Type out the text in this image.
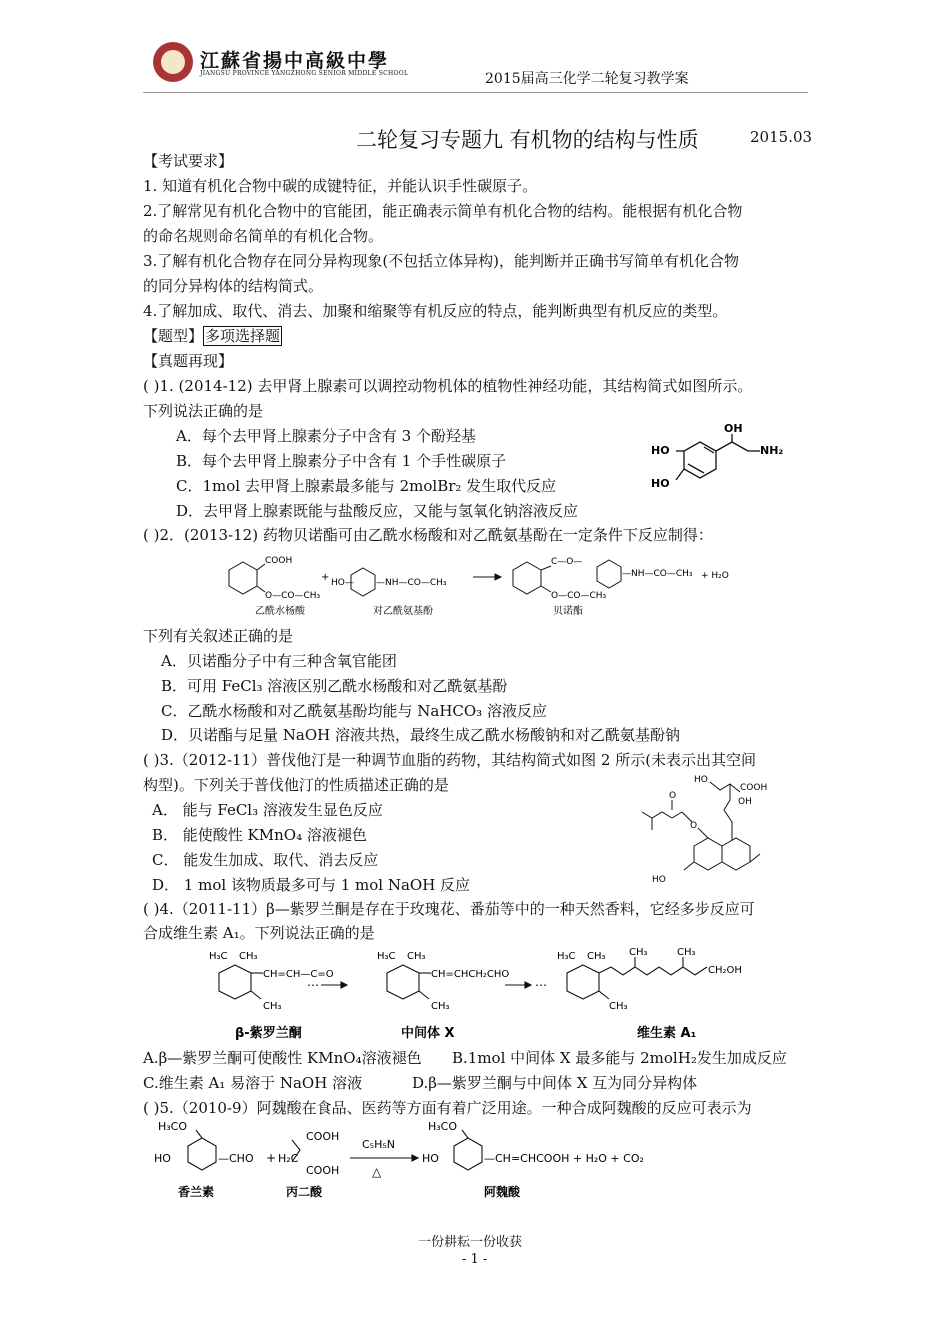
江蘇省揚中高級中學
JIANGSU PROVINCE YANGZHONG SENIOR MIDDLE SCHOOL	2015届高三化学二轮复习教学案
二轮复习专题九 有机物的结构与性质	2015.03
【考试要求】
1. 知道有机化合物中碳的成键特征，并能认识手性碳原子。
2.了解常见有机化合物中的官能团，能正确表示简单有机化合物的结构。能根据有机化合物
的命名规则命名简单的有机化合物。
3.了解有机化合物存在同分异构现象(不包括立体异构)，能判断并正确书写简单有机化合物
的同分异构体的结构简式。
4.了解加成、取代、消去、加聚和缩聚等有机反应的特点，能判断典型有机反应的类型。
【题型】 多项选择题
【真题再现】
( )1. (2014-12) 去甲肾上腺素可以调控动物机体的植物性神经功能，其结构简式如图所示。
下列说法正确的是
A．每个去甲肾上腺素分子中含有 3 个酚羟基
B．每个去甲肾上腺素分子中含有 1 个手性碳原子
C．1mol 去甲肾上腺素最多能与 2molBr₂ 发生取代反应
D．去甲肾上腺素既能与盐酸反应，又能与氢氧化钠溶液反应
OH
HO
HO
NH₂
( )2．(2013-12) 药物贝诺酯可由乙酰水杨酸和对乙酰氨基酚在一定条件下反应制得：
COOH
O—CO—CH₃
+ HO— —NH—CO—CH₃
C—O—
O—CO—CH₃
—NH—CO—CH₃ + H₂O
乙酰水杨酸	对乙酰氨基酚	贝诺酯
下列有关叙述正确的是
A．贝诺酯分子中有三种含氧官能团
B．可用 FeCl₃ 溶液区别乙酰水杨酸和对乙酰氨基酚
C．乙酰水杨酸和对乙酰氨基酚均能与 NaHCO₃ 溶液反应
D．贝诺酯与足量 NaOH 溶液共热，最终生成乙酰水杨酸钠和对乙酰氨基酚钠
( )3.（2012-11）普伐他汀是一种调节血脂的药物，其结构简式如图 2 所示(未表示出其空间
构型)。下列关于普伐他汀的性质描述正确的是
A． 能与 FeCl₃ 溶液发生显色反应
B． 能使酸性 KMnO₄ 溶液褪色
C． 能发生加成、取代、消去反应
D． 1 mol 该物质最多可与 1 mol NaOH 反应
HO
COOH
OH
O
O
HO
( )4.（2011-11）β—紫罗兰酮是存在于玫瑰花、番茄等中的一种天然香料，它经多步反应可
合成维生素 A₁。下列说法正确的是
H₃C CH₃
CH=CH—C=O
CH₃
⋯
H₃C CH₃
CH=CHCH₂CHO
CH₃
⋯
H₃C CH₃ CH₃	CH₃
CH₂OH
CH₃
β-紫罗兰酮	中间体 X	维生素 A₁
A.β—紫罗兰酮可使酸性 KMnO₄溶液褪色 B.1mol 中间体 X 最多能与 2molH₂发生加成反应
C.维生素 A₁ 易溶于 NaOH 溶液	D.β—紫罗兰酮与中间体 X 互为同分异构体
( )5.（2010-9）阿魏酸在食品、医药等方面有着广泛用途。一种合成阿魏酸的反应可表示为
H₃CO
HO	—CHO + H₂C
COOH
COOH
C₅H₅N
△
H₃CO
HO	—CH=CHCOOH + H₂O + CO₂
香兰素	丙二酸	阿魏酸
一份耕耘一份收获
- 1 -
